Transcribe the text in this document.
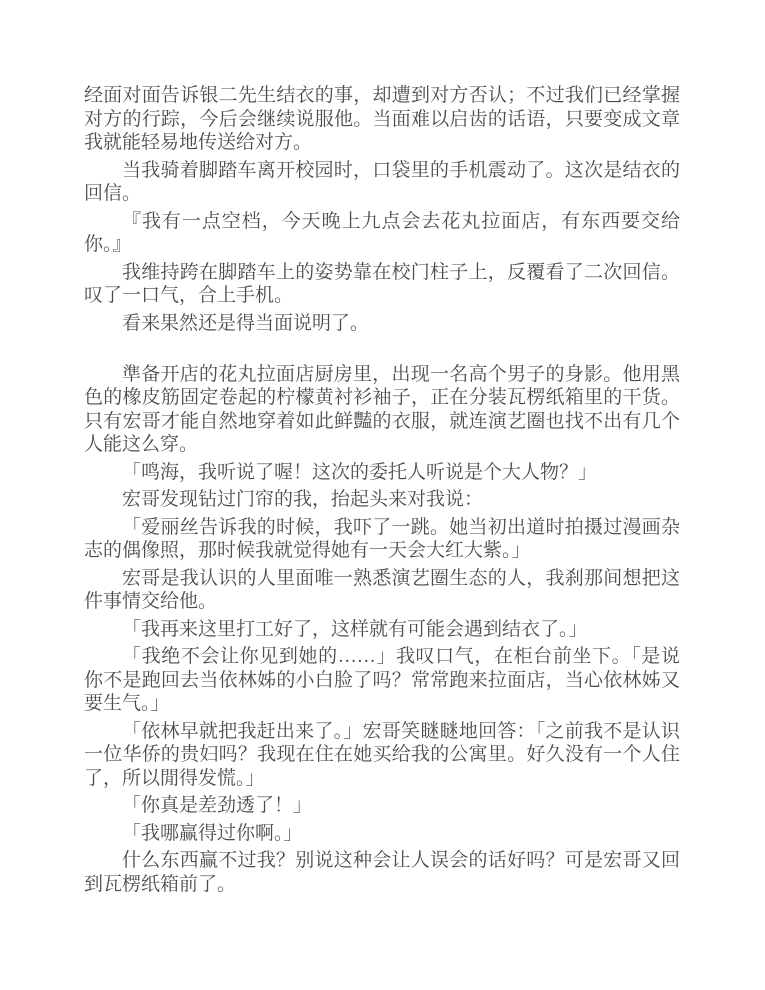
经面对面告诉银二先生结衣的事，却遭到对方否认；不过我们已经掌握对方的行踪，今后会继续说服他。当面难以启齿的话语，只要变成文章我就能轻易地传送给对方。

当我骑着脚踏车离开校园时，口袋里的手机震动了。这次是结衣的回信。

『我有一点空档，今天晚上九点会去花丸拉面店，有东西要交给你。』

我维持跨在脚踏车上的姿势靠在校门柱子上，反覆看了二次回信。叹了一口气，合上手机。

看来果然还是得当面说明了。

準备开店的花丸拉面店厨房里，出现一名高个男子的身影。他用黑色的橡皮筋固定卷起的柠檬黄衬衫袖子，正在分装瓦楞纸箱里的干货。只有宏哥才能自然地穿着如此鲜豔的衣服，就连演艺圈也找不出有几个人能这么穿。

「鸣海，我听说了喔！这次的委托人听说是个大人物？」

宏哥发现钻过门帘的我，抬起头来对我说：

「爱丽丝告诉我的时候，我吓了一跳。她当初出道时拍摄过漫画杂志的偶像照，那时候我就觉得她有一天会大红大紫。」

宏哥是我认识的人里面唯一熟悉演艺圈生态的人，我刹那间想把这件事情交给他。

「我再来这里打工好了，这样就有可能会遇到结衣了。」

「我绝不会让你见到她的……」我叹口气，在柜台前坐下。「是说你不是跑回去当依林姊的小白脸了吗？常常跑来拉面店，当心依林姊又要生气。」

「依林早就把我赶出来了。」宏哥笑瞇瞇地回答：「之前我不是认识一位华侨的贵妇吗？我现在住在她买给我的公寓里。好久没有一个人住了，所以閒得发慌。」

「你真是差劲透了！」

「我哪赢得过你啊。」

什么东西赢不过我？别说这种会让人误会的话好吗？可是宏哥又回到瓦楞纸箱前了。
